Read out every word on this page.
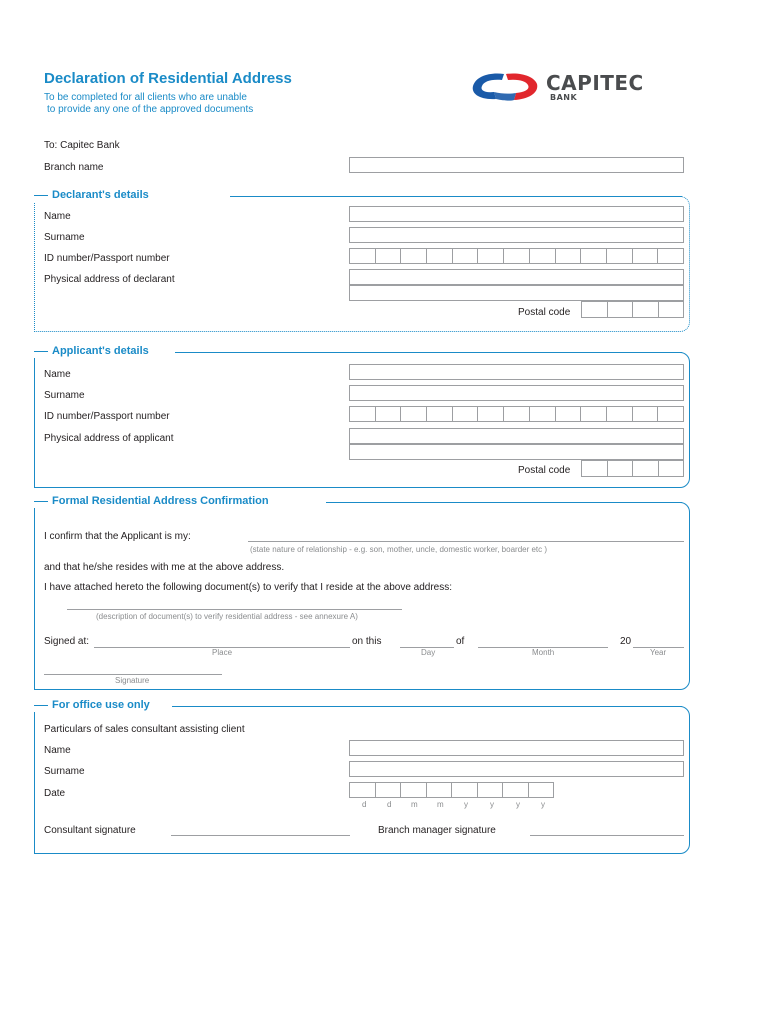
Declaration of Residential Address
To be completed for all clients who are unable
to provide any one of the approved documents
CAPITEC
BANK
To: Capitec Bank
Branch name
Declarant's details
Name
Surname
ID number/Passport number
Physical address of declarant
Postal code
Applicant's details
Name
Surname
ID number/Passport number
Physical address of applicant
Postal code
Formal Residential Address Confirmation
I confirm that the Applicant is my:
(state nature of relationship - e.g. son, mother, uncle, domestic worker, boarder etc )
and that he/she resides with me at the above address.
I have attached hereto the following document(s) to verify that I reside at the above address:
(description of document(s) to verify residential address - see annexure A)
Signed at:	on this	of	20
Place	Day	Month	Year
Signature
For office use only
Particulars of sales consultant assisting client
Name
Surname
Date
d	d m m	y	y	y	y
Consultant signature	Branch manager signature
